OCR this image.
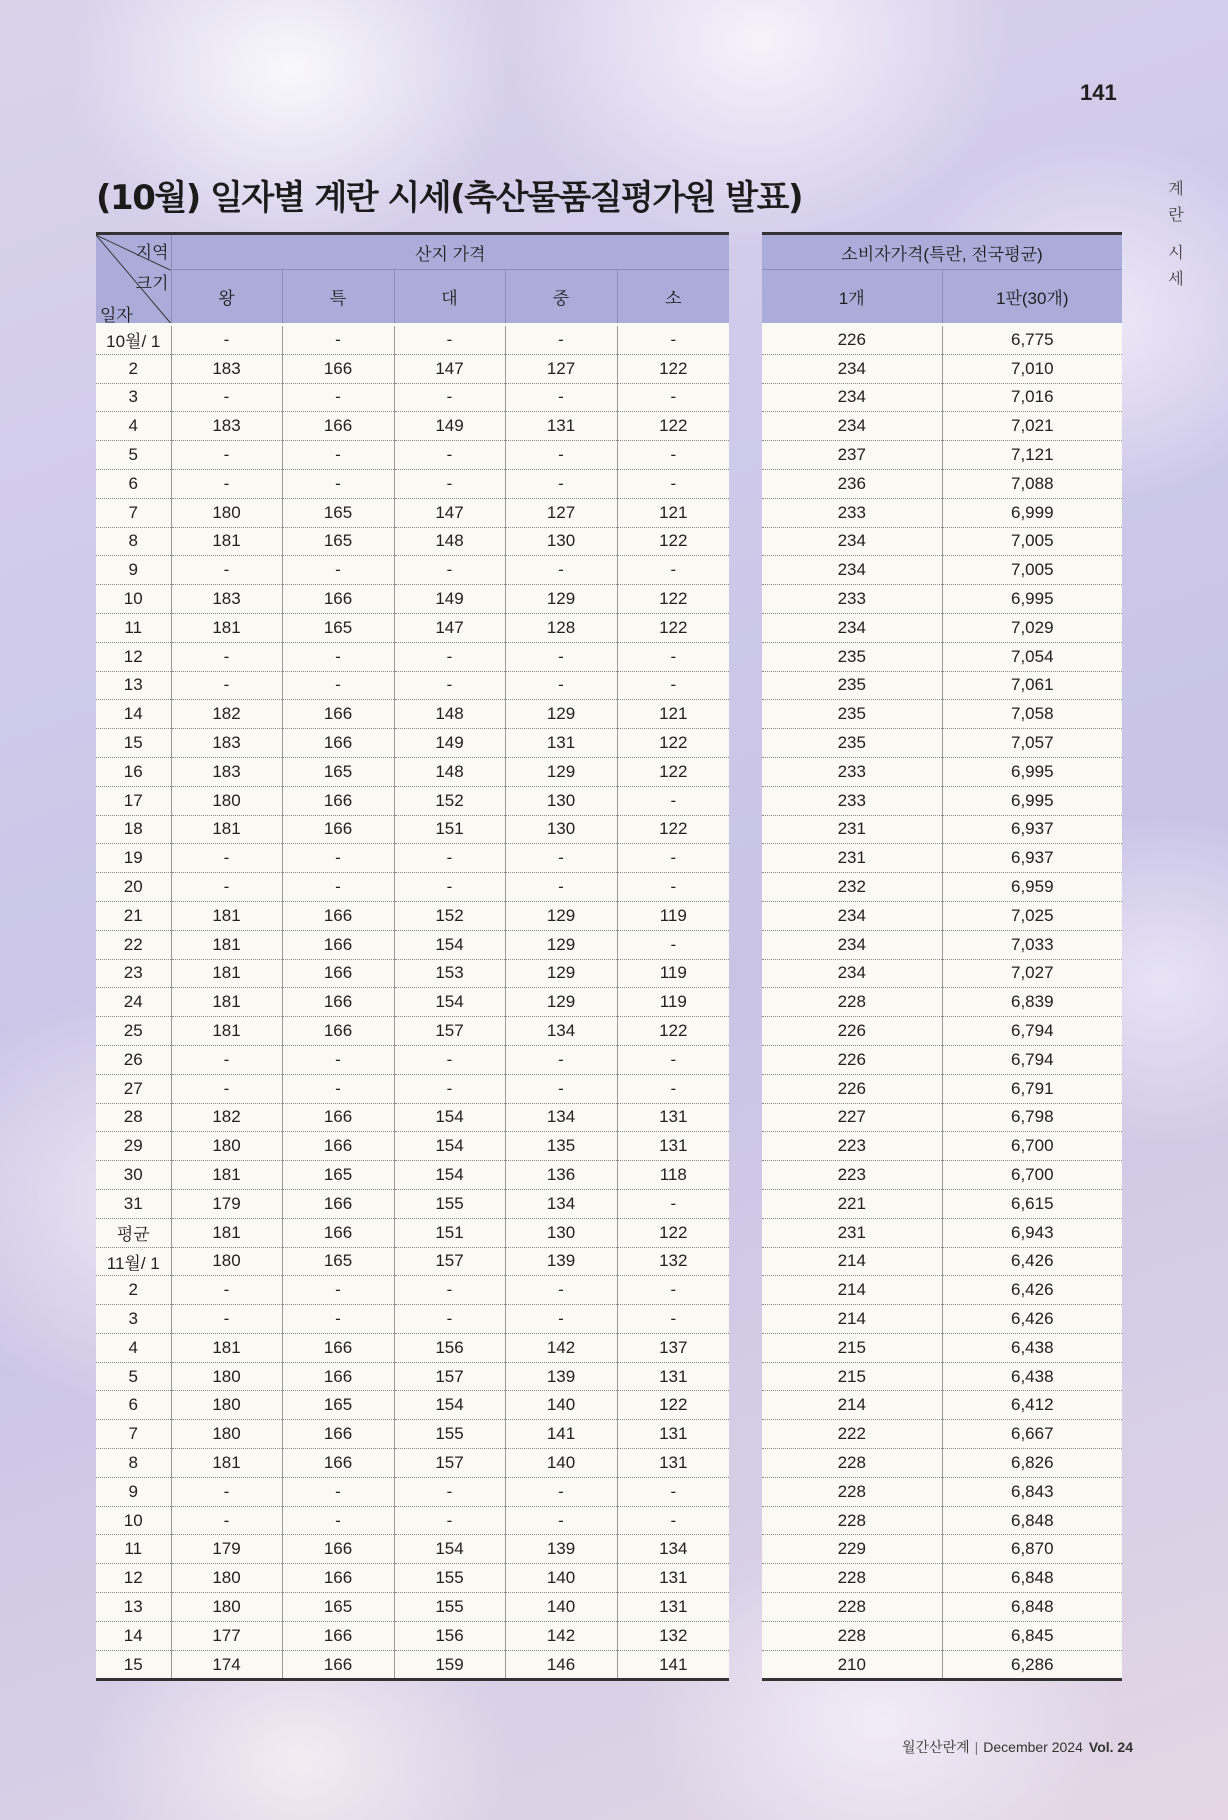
141
계
란
시
세
(10월) 일자별 계란 시세(축산물품질평가원 발표)
지역
크기
일자	산지 가격				
	왕	특	대	중	소
10월/ 1	-	-	-	-	-
2	183	166	147	127	122
3	-	-	-	-	-
4	183	166	149	131	122
5	-	-	-	-	-
6	-	-	-	-	-
7	180	165	147	127	121
8	181	165	148	130	122
9	-	-	-	-	-
10	183	166	149	129	122
11	181	165	147	128	122
12	-	-	-	-	-
13	-	-	-	-	-
14	182	166	148	129	121
15	183	166	149	131	122
16	183	165	148	129	122
17	180	166	152	130	-
18	181	166	151	130	122
19	-	-	-	-	-
20	-	-	-	-	-
21	181	166	152	129	119
22	181	166	154	129	-
23	181	166	153	129	119
24	181	166	154	129	119
25	181	166	157	134	122
26	-	-	-	-	-
27	-	-	-	-	-
28	182	166	154	134	131
29	180	166	154	135	131
30	181	165	154	136	118
31	179	166	155	134	-
평균	181	166	151	130	122
11월/ 1	180	165	157	139	132
2	-	-	-	-	-
3	-	-	-	-	-
4	181	166	156	142	137
5	180	166	157	139	131
6	180	165	154	140	122
7	180	166	155	141	131
8	181	166	157	140	131
9	-	-	-	-	-
10	-	-	-	-	-
11	179	166	154	139	134
12	180	166	155	140	131
13	180	165	155	140	131
14	177	166	156	142	132
15	174	166	159	146	141
소비자가격(특란, 전국평균)	
1개	1판(30개)
226	6,775
234	7,010
234	7,016
234	7,021
237	7,121
236	7,088
233	6,999
234	7,005
234	7,005
233	6,995
234	7,029
235	7,054
235	7,061
235	7,058
235	7,057
233	6,995
233	6,995
231	6,937
231	6,937
232	6,959
234	7,025
234	7,033
234	7,027
228	6,839
226	6,794
226	6,794
226	6,791
227	6,798
223	6,700
223	6,700
221	6,615
231	6,943
214	6,426
214	6,426
214	6,426
215	6,438
215	6,438
214	6,412
222	6,667
228	6,826
228	6,843
228	6,848
229	6,870
228	6,848
228	6,848
228	6,845
210	6,286
월간산란계 | December 2024 Vol. 24
